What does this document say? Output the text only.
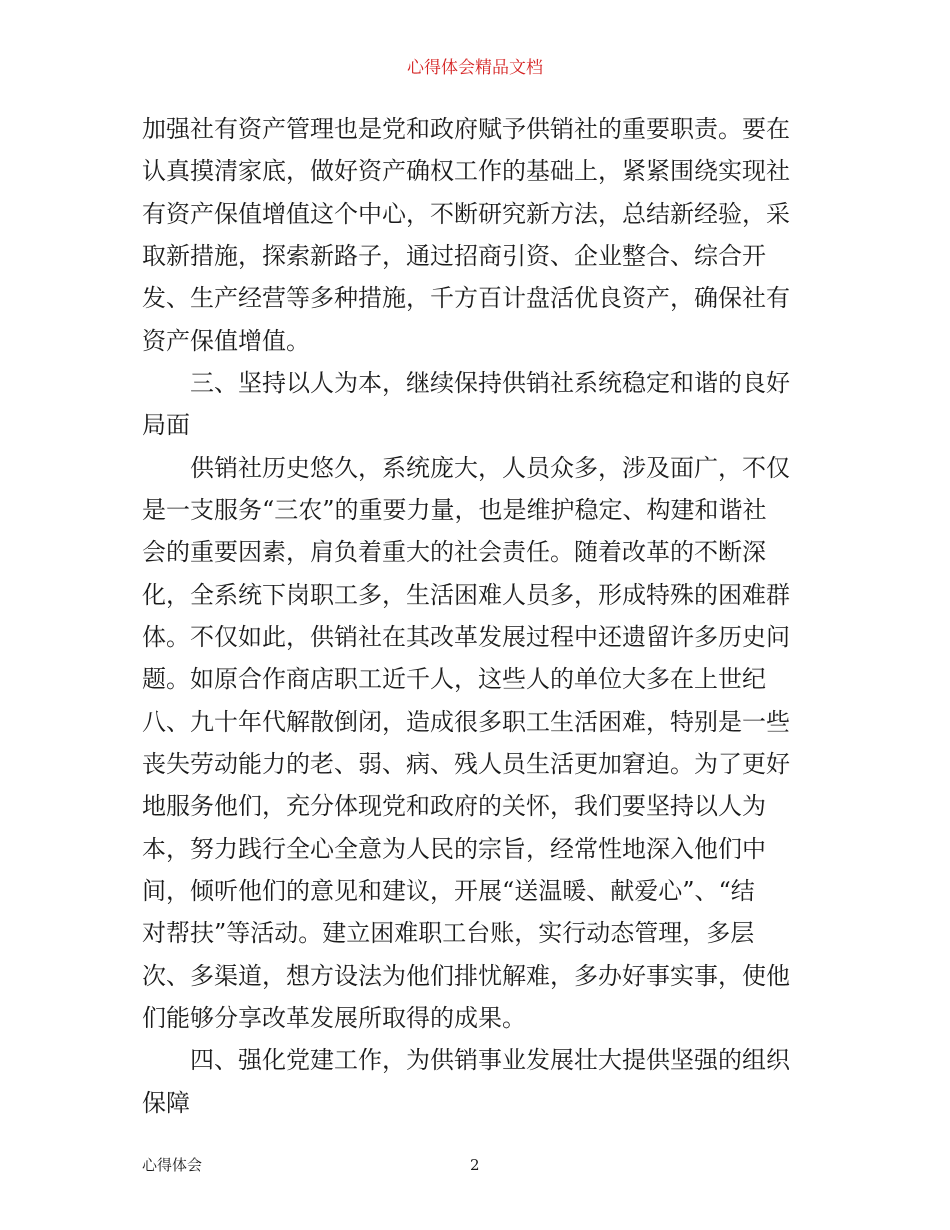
心得体会精品文档
加强社有资产管理也是党和政府赋予供销社的重要职责。要在
认真摸清家底，做好资产确权工作的基础上，紧紧围绕实现社
有资产保值增值这个中心，不断研究新方法，总结新经验，采
取新措施，探索新路子，通过招商引资、企业整合、综合开
发、生产经营等多种措施，千方百计盘活优良资产，确保社有
资产保值增值。
三、坚持以人为本，继续保持供销社系统稳定和谐的良好
局面
供销社历史悠久，系统庞大，人员众多，涉及面广，不仅
是一支服务“三农”的重要力量，也是维护稳定、构建和谐社
会的重要因素，肩负着重大的社会责任。随着改革的不断深
化，全系统下岗职工多，生活困难人员多，形成特殊的困难群
体。不仅如此，供销社在其改革发展过程中还遗留许多历史问
题。如原合作商店职工近千人，这些人的单位大多在上世纪
八、九十年代解散倒闭，造成很多职工生活困难，特别是一些
丧失劳动能力的老、弱、病、残人员生活更加窘迫。为了更好
地服务他们，充分体现党和政府的关怀，我们要坚持以人为
本，努力践行全心全意为人民的宗旨，经常性地深入他们中
间，倾听他们的意见和建议，开展“送温暖、献爱心”、“结
对帮扶”等活动。建立困难职工台账，实行动态管理，多层
次、多渠道，想方设法为他们排忧解难，多办好事实事，使他
们能够分享改革发展所取得的成果。
四、强化党建工作，为供销事业发展壮大提供坚强的组织
保障
心得体会	2
